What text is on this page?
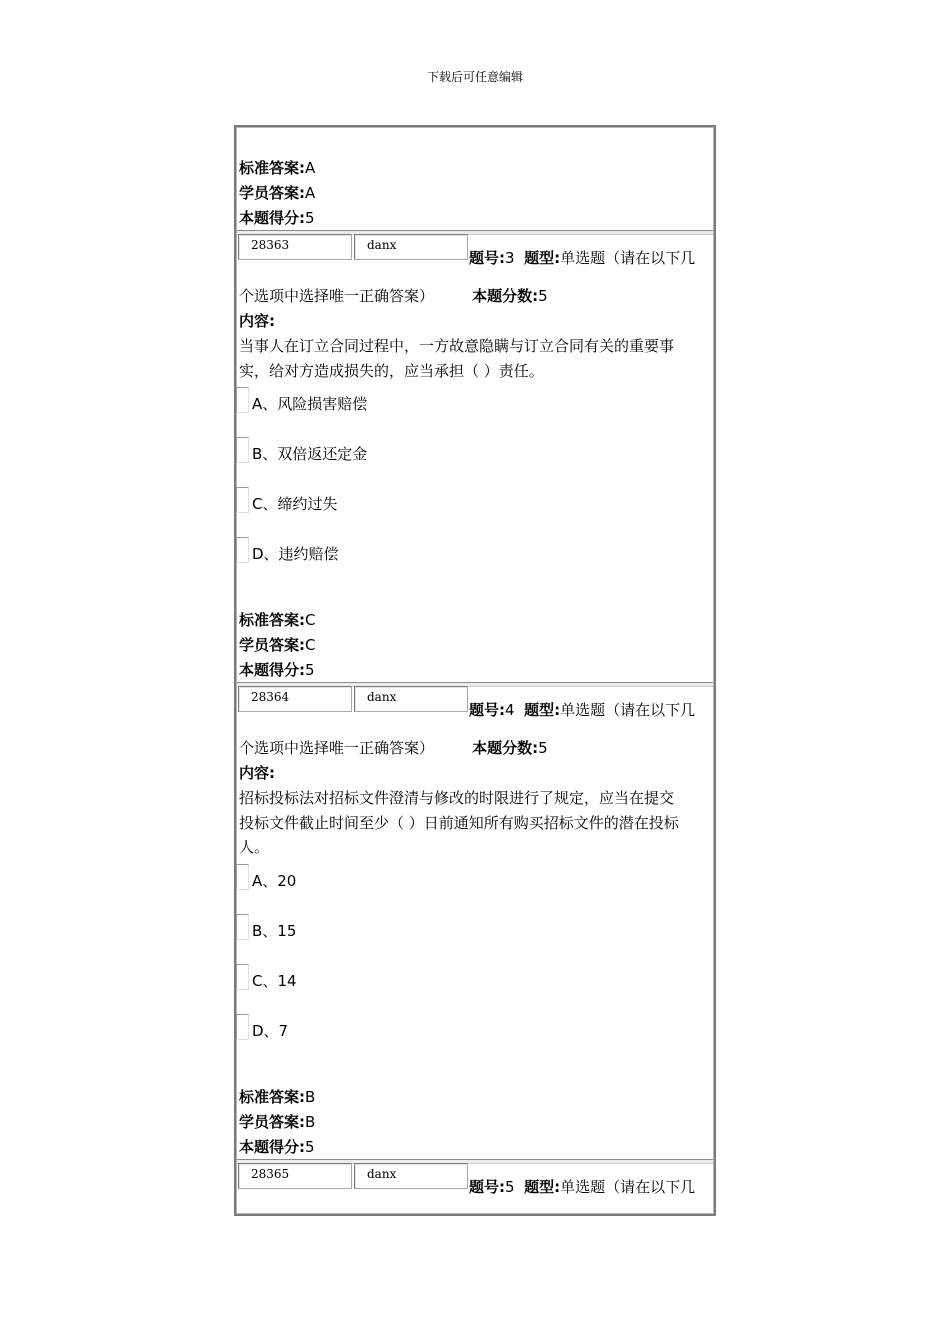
下载后可任意编辑
标准答案:A
学员答案:A
本题得分:5
28363	danx
题号:3 题型:单选题（请在以下几
个选项中选择唯一正确答案）	本题分数:5
内容:
当事人在订立合同过程中，一方故意隐瞒与订立合同有关的重要事
实，给对方造成损失的，应当承担（ ）责任。
A、风险损害赔偿
B、双倍返还定金
C、缔约过失
D、违约赔偿
标准答案:C
学员答案:C
本题得分:5
28364	danx
题号:4 题型:单选题（请在以下几
个选项中选择唯一正确答案）	本题分数:5
内容:
招标投标法对招标文件澄清与修改的时限进行了规定，应当在提交
投标文件截止时间至少（ ）日前通知所有购买招标文件的潜在投标
人。
A、20
B、15
C、14
D、7
标准答案:B
学员答案:B
本题得分:5
28365	danx
题号:5 题型:单选题（请在以下几
